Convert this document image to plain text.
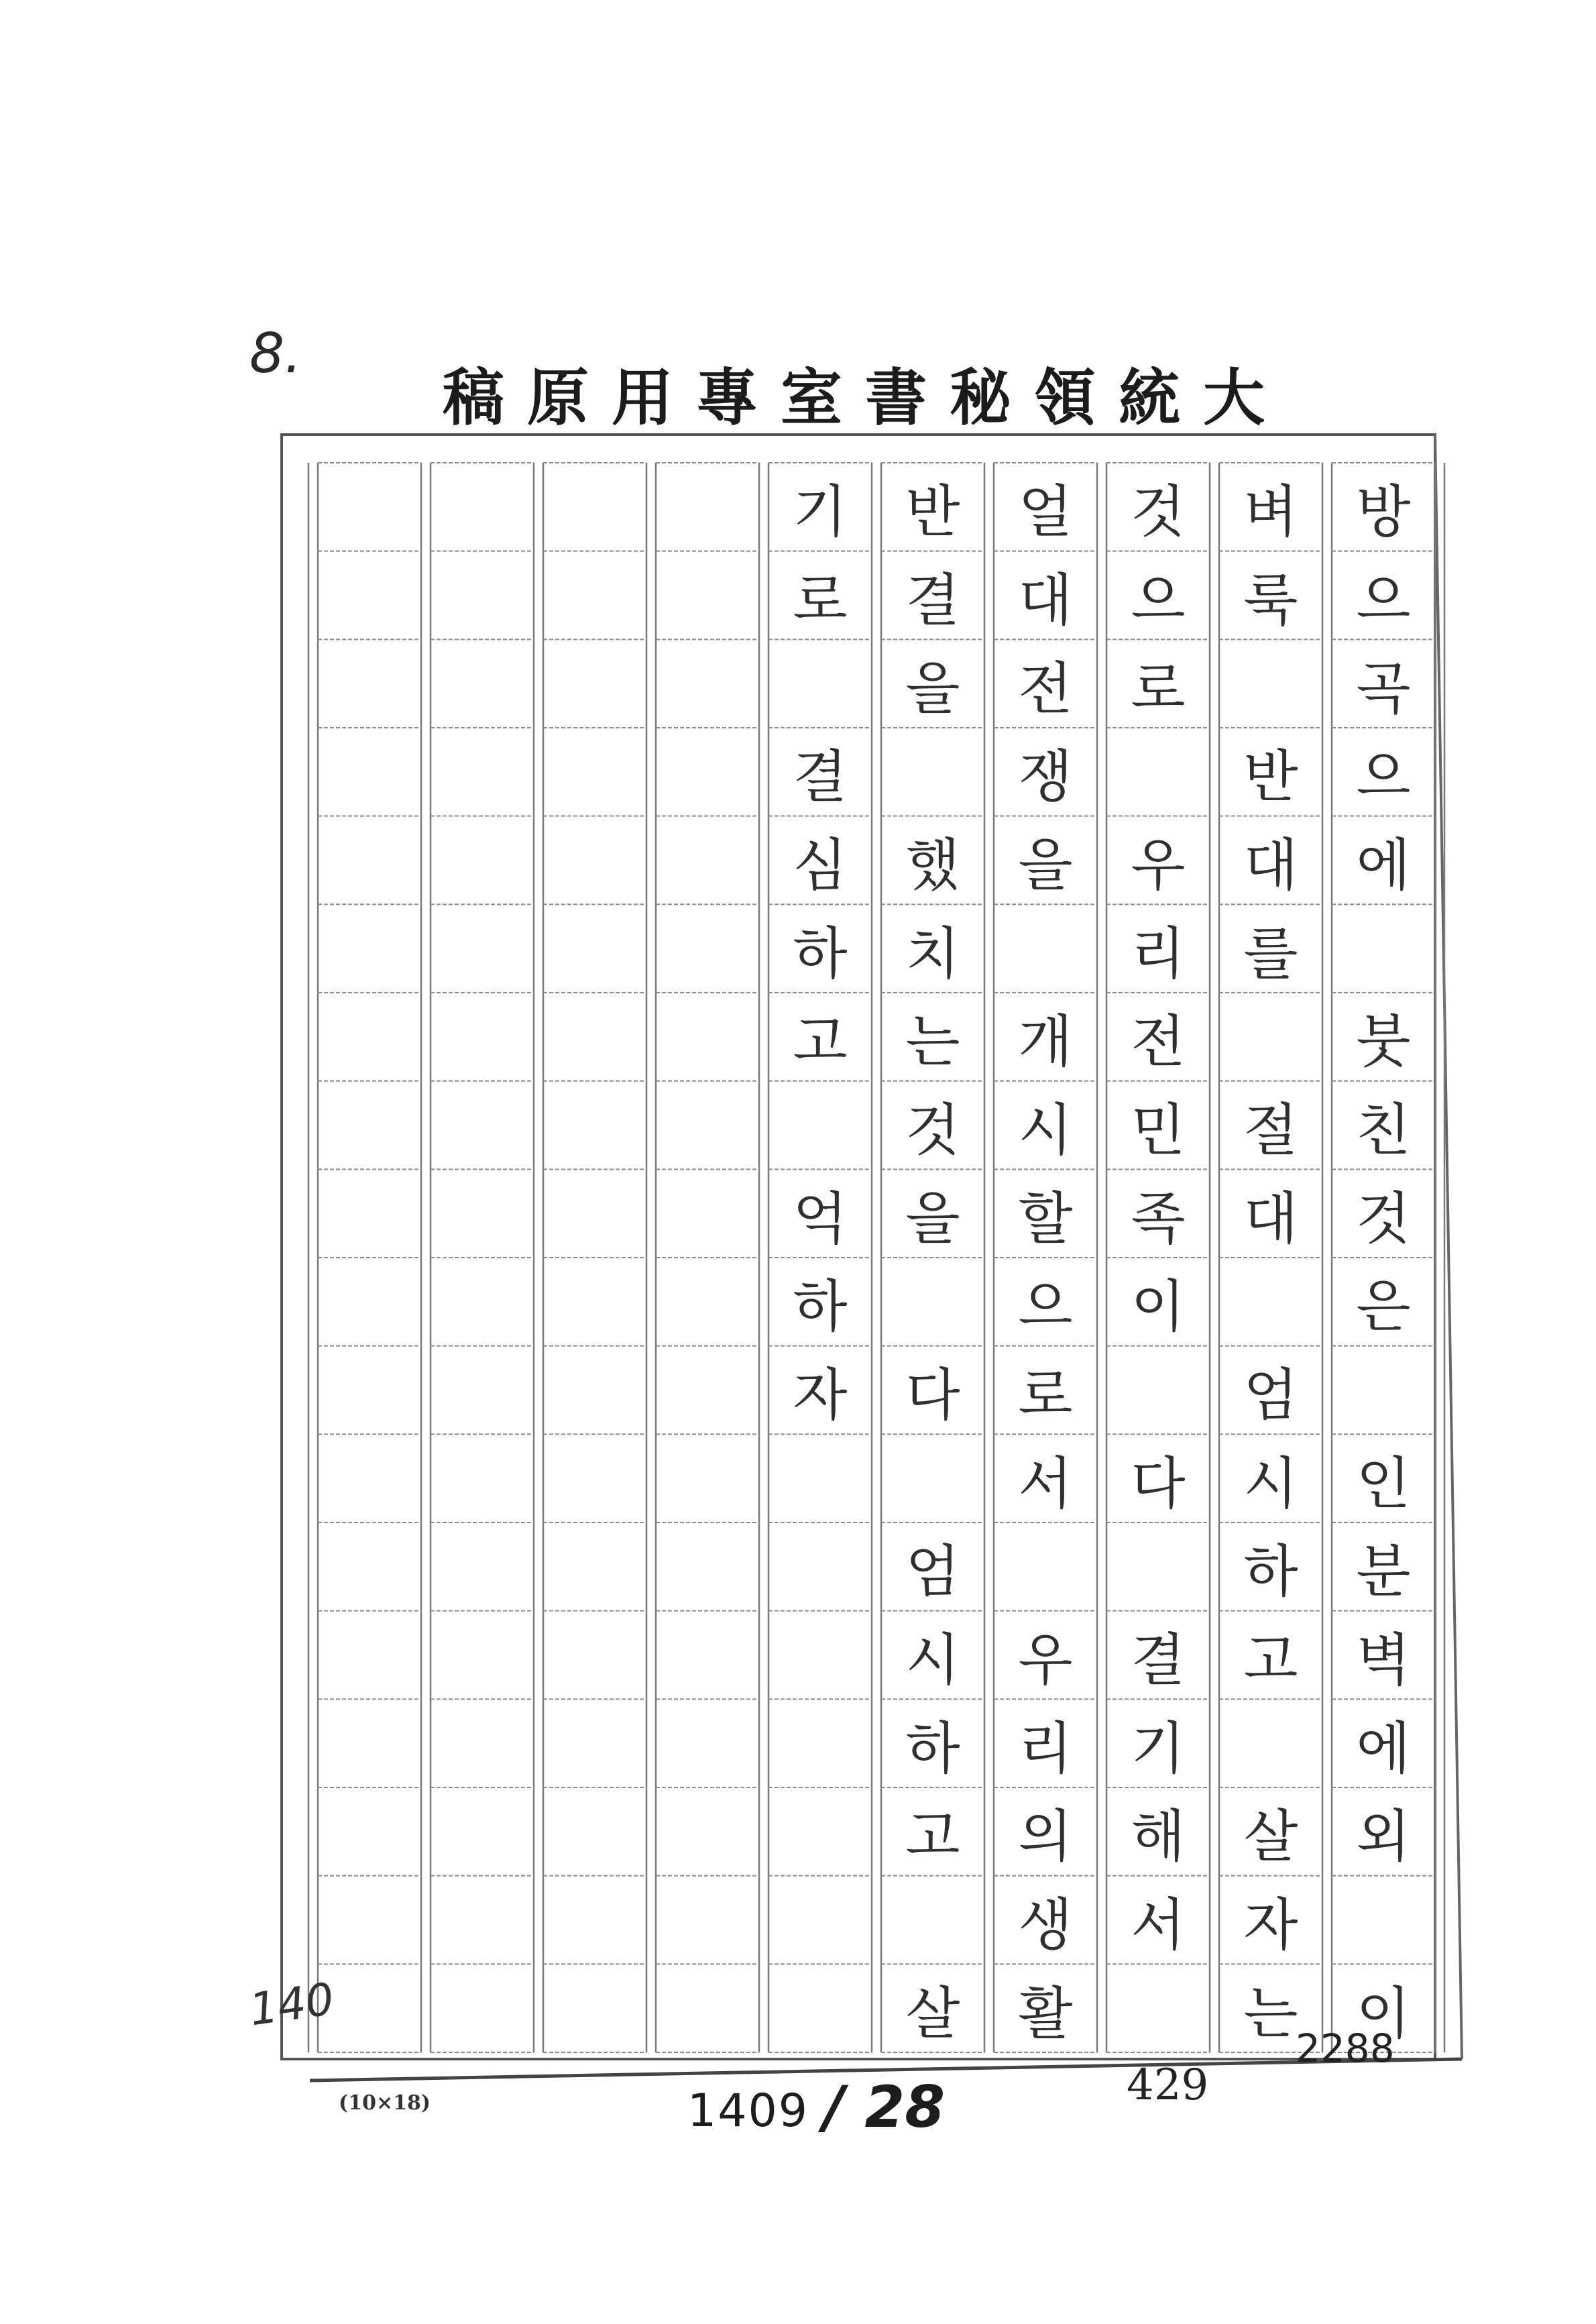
8.
稿原用專室書秘領統大
방
으
곡
으
에
붓
친
것
은
인
분
벽
에
외
이
벼
룩
반
대
를
절
대
엄
시
하
고
살
자
는
것
으
로
우
리
전
민
족
이
다
결
기
해
서
얼
대
전
쟁
을
개
시
할
으
로
서
우
리
의
생
활
반
결
을
했
치
는
것
을
다
엄
시
하
고
살
기
로
결
심
하
고
억
하
자
(10×18)	1409 / 28	429
2288
140
